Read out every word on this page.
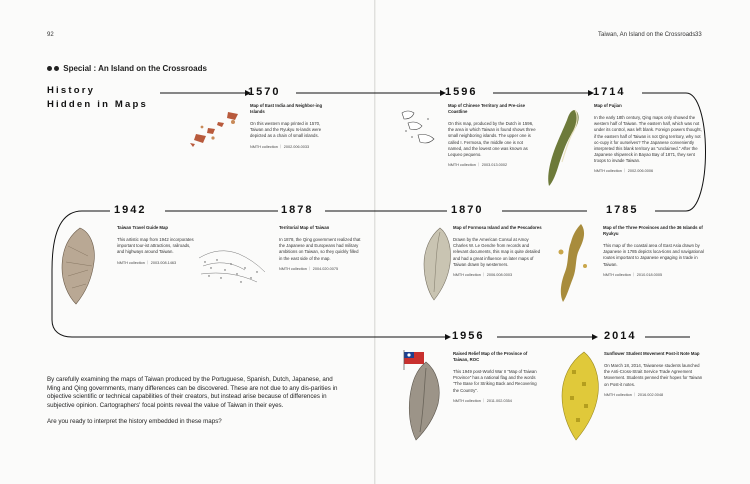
92	Taiwan, An Island on the Crossroads 33
Special : An Island on the Crossroads
History
Hidden in Maps
1570	1596	1714
1942	1878	1870	1785
1956	2014
Map of East India and Neighbor-ing Islands
On this western map printed in 1570, Taiwan and the Ryukyu Is-lands were depicted as a chain of small islands.
NMTH collection ｜ 2002.006.0033
Map of Chinese Territory and Pre-cise Coastline
On this map, produced by the Dutch in 1596, the area in which Taiwan is found shows three small neighboring islands. The upper one is called I. Fermosa, the middle one is not named, and the lowest one was known as Lequeo pequeno.
NMTH collection ｜ 2003.013.0002
Map of Fujian
In the early 18th century, Qing maps only showed the western half of Taiwan. The eastern half, which was not under its control, was left blank. Foreign powers thought, if the eastern half of Taiwan is not Qing territory, why not oc-cupy it for ourselves? The Japanese conveniently interpreted this blank territory as "unclaimed." After the Japanese shipwreck in Bayao Bay of 1871, they sent troops to invade Taiwan.
NMTH collection ｜ 2002.006.0006
Taiwan Travel Guide Map
This artistic map from 1942 incorporates important tour-ist attractions, railroads, and highways around Taiwan.
NMTH collection ｜ 2003.008.1463
Territorial Map of Taiwan
In 1878, the Qing government realized that the Japanese and Europeans had military ambitions on Taiwan, so they quickly filled in the east side of the map.
NMTH collection ｜ 2004.020.0075
Map of Formosa Island and the Pescadores
Drawn by the American Consul at Amoy Charles W. Le Gendre from records and relevant documents, this map is quite detailed and had a great influence on later maps of Taiwan drawn by westerners.
NMTH collection ｜ 2006.008.0003
Map of the Three Provinces and the 36 Islands of Ryukyu
This map of the coastal area of East Asia drawn by Japanese in 1785 depicts loca-tions and navigational routes important to Japanese engaging in trade in Taiwan.
NMTH collection ｜ 2010.018.0005
Raised Relief Map of the Province of Taiwan, ROC
This 1949 post-World War II "Map of Taiwan Province" has a national flag and the words "The Base for Striking Back and Recovering the Country".
NMTH collection ｜ 2011.002.0354
Sunflower Student Movement Post-it Note Map
On March 18, 2014, Taiwanese students launched the Anti-Cross-Strait Service Trade Agreement Movement. Students penned their hopes for Taiwan on Post-it notes.
NMTH collection ｜ 2016.002.0048
By carefully examining the maps of Taiwan produced by the Portuguese, Spanish, Dutch, Japanese, and Ming and Qing governments, many differences can be discovered. These are not due to any dis-parities in objective scientific or technical capabilities of their creators, but instead arise because of differences in subjective opinion. Cartographers' focal points reveal the value of Taiwan in their eyes.
Are you ready to interpret the history embedded in these maps?
